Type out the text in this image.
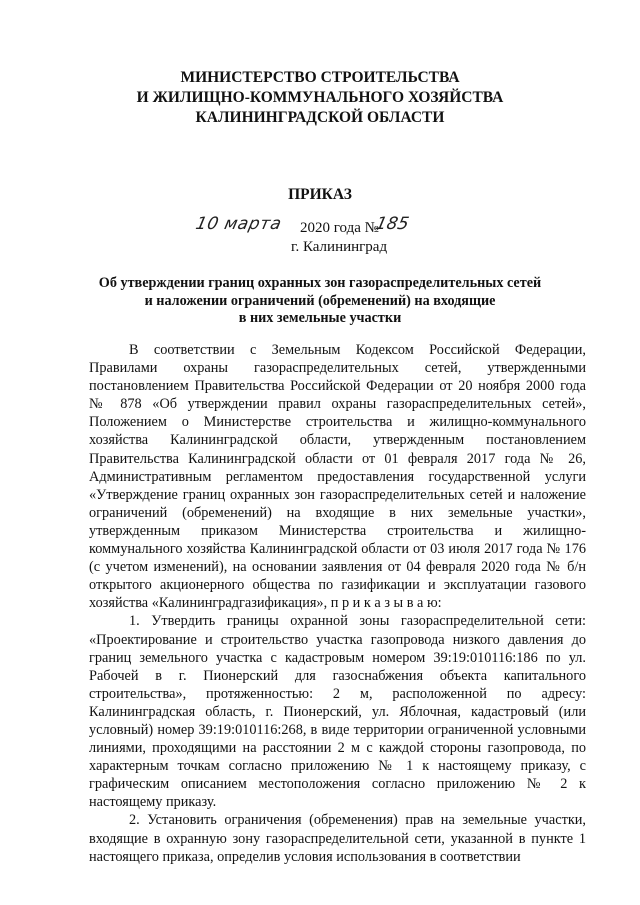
МИНИСТЕРСТВО СТРОИТЕЛЬСТВА
И ЖИЛИЩНО-КОММУНАЛЬНОГО ХОЗЯЙСТВА
КАЛИНИНГРАДСКОЙ ОБЛАСТИ
ПРИКАЗ
10 марта 2020 года №
185
г. Калининград
Об утверждении границ охранных зон газораспределительных сетей
и наложении ограничений (обременений) на входящие
в них земельные участки

В соответствии с Земельным Кодексом Российской Федерации, Правилами охраны газораспределительных сетей, утвержденными постановлением Правительства Российской Федерации от 20 ноября 2000 года № 878 «Об утверждении правил охраны газораспределительных сетей», Положением о Министерстве строительства и жилищно-коммунального хозяйства Калининградской области, утвержденным постановлением Правительства Калининградской области от 01 февраля 2017 года № 26, Административным регламентом предоставления государственной услуги «Утверждение границ охранных зон газораспределительных сетей и наложение ограничений (обременений) на входящие в них земельные участки», утвержденным приказом Министерства строительства и жилищно-коммунального хозяйства Калининградской области от 03 июля 2017 года № 176 (с учетом изменений), на основании заявления от 04 февраля 2020 года № б/н открытого акционерного общества по газификации и эксплуатации газового хозяйства «Калининградгазификация», п р и к а з ы в а ю:

1. Утвердить границы охранной зоны газораспределительной сети: «Проектирование и строительство участка газопровода низкого давления до границ земельного участка с кадастровым номером 39:19:010116:186 по ул. Рабочей в г. Пионерский для газоснабжения объекта капитального строительства», протяженностью: 2 м, расположенной по адресу: Калининградская область, г. Пионерский, ул. Яблочная, кадастровый (или условный) номер 39:19:010116:268, в виде территории ограниченной условными линиями, проходящими на расстоянии 2 м с каждой стороны газопровода, по характерным точкам согласно приложению № 1 к настоящему приказу, с графическим описанием местоположения согласно приложению № 2 к настоящему приказу.

2. Установить ограничения (обременения) прав на земельные участки, входящие в охранную зону газораспределительной сети, указанной в пункте 1 настоящего приказа, определив условия использования в соответствии
